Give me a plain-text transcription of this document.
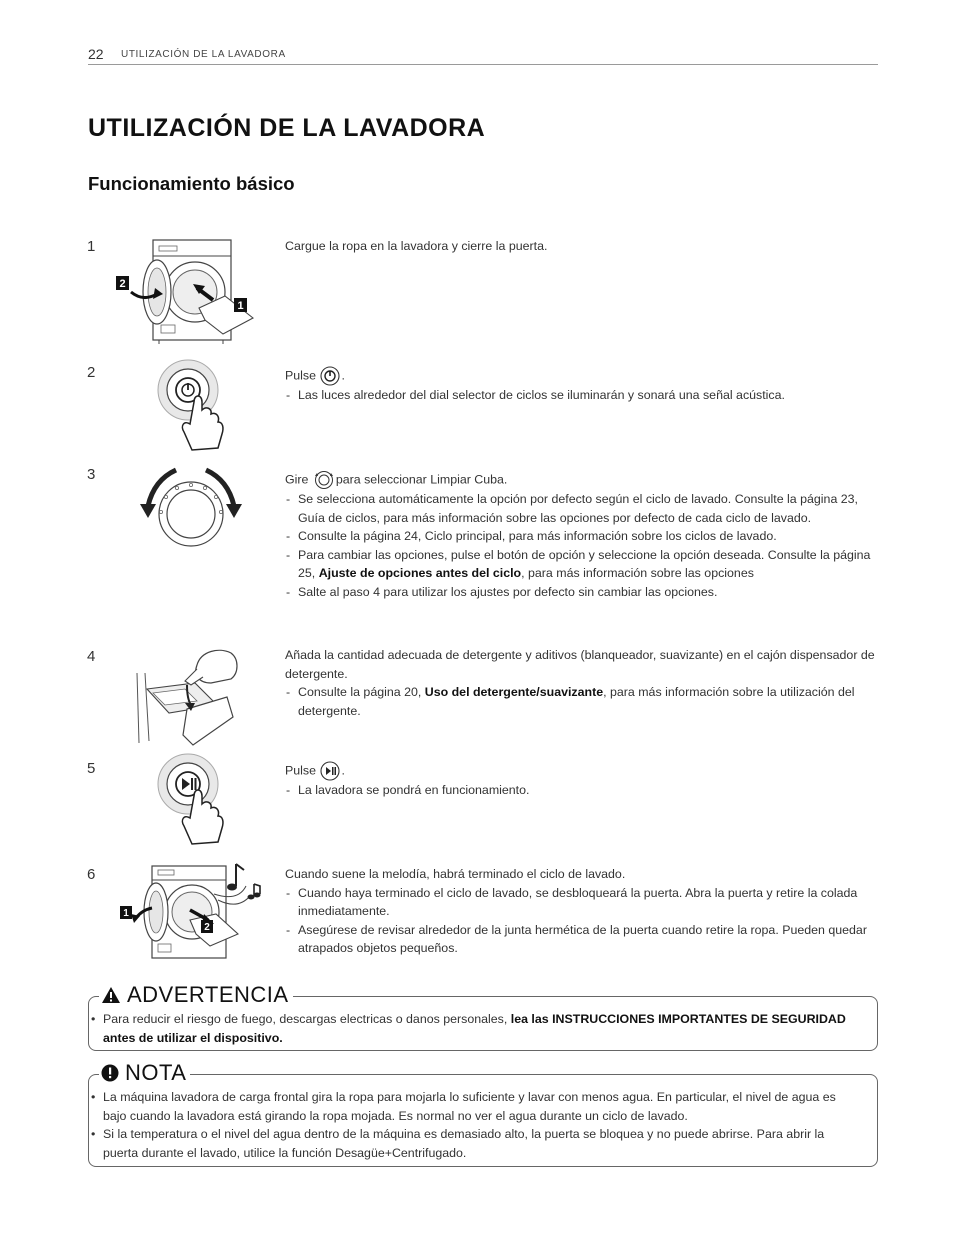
22 UTILIZACIÓN DE LA LAVADORA
UTILIZACIÓN DE LA LAVADORA
Funcionamiento básico
1
2
1
Cargue la ropa en la lavadora y cierre la puerta.
2	Pulse .
- Las luces alrededor del dial selector de ciclos se iluminarán y sonará una señal acústica.
3	Gire para seleccionar Limpiar Cuba.
- Se selecciona automáticamente la opción por defecto según el ciclo de lavado. Consulte la página 23, Guía de ciclos, para más información sobre las opciones por defecto de cada ciclo de lavado.
- Consulte la página 24, Ciclo principal, para más información sobre los ciclos de lavado.
- Para cambiar las opciones, pulse el botón de opción y seleccione la opción deseada. Consulte la página 25, Ajuste de opciones antes del ciclo, para más información sobre las opciones
- Salte al paso 4 para utilizar los ajustes por defecto sin cambiar las opciones.
4	Añada la cantidad adecuada de detergente y aditivos (blanqueador, suavizante) en el cajón dispensador de detergente.
- Consulte la página 20, Uso del detergente/suavizante, para más información sobre la utilización del detergente.
5	Pulse .
- La lavadora se pondrá en funcionamiento.
6
1
2
Cuando suene la melodía, habrá terminado el ciclo de lavado.
- Cuando haya terminado el ciclo de lavado, se desbloqueará la puerta. Abra la puerta y retire la colada inmediatamente.
- Asegúrese de revisar alrededor de la junta hermética de la puerta cuando retire la ropa. Pueden quedar atrapados objetos pequeños.
ADVERTENCIA
• Para reducir el riesgo de fuego, descargas electricas o danos personales, lea las INSTRUCCIONES IMPORTANTES DE SEGURIDAD antes de utilizar el dispositivo.
NOTA
• La máquina lavadora de carga frontal gira la ropa para mojarla lo suficiente y lavar con menos agua. En particular, el nivel de agua es bajo cuando la lavadora está girando la ropa mojada. Es normal no ver el agua durante un ciclo de lavado.
• Si la temperatura o el nivel del agua dentro de la máquina es demasiado alto, la puerta se bloquea y no puede abrirse. Para abrir la puerta durante el lavado, utilice la función Desagüe+Centrifugado.
